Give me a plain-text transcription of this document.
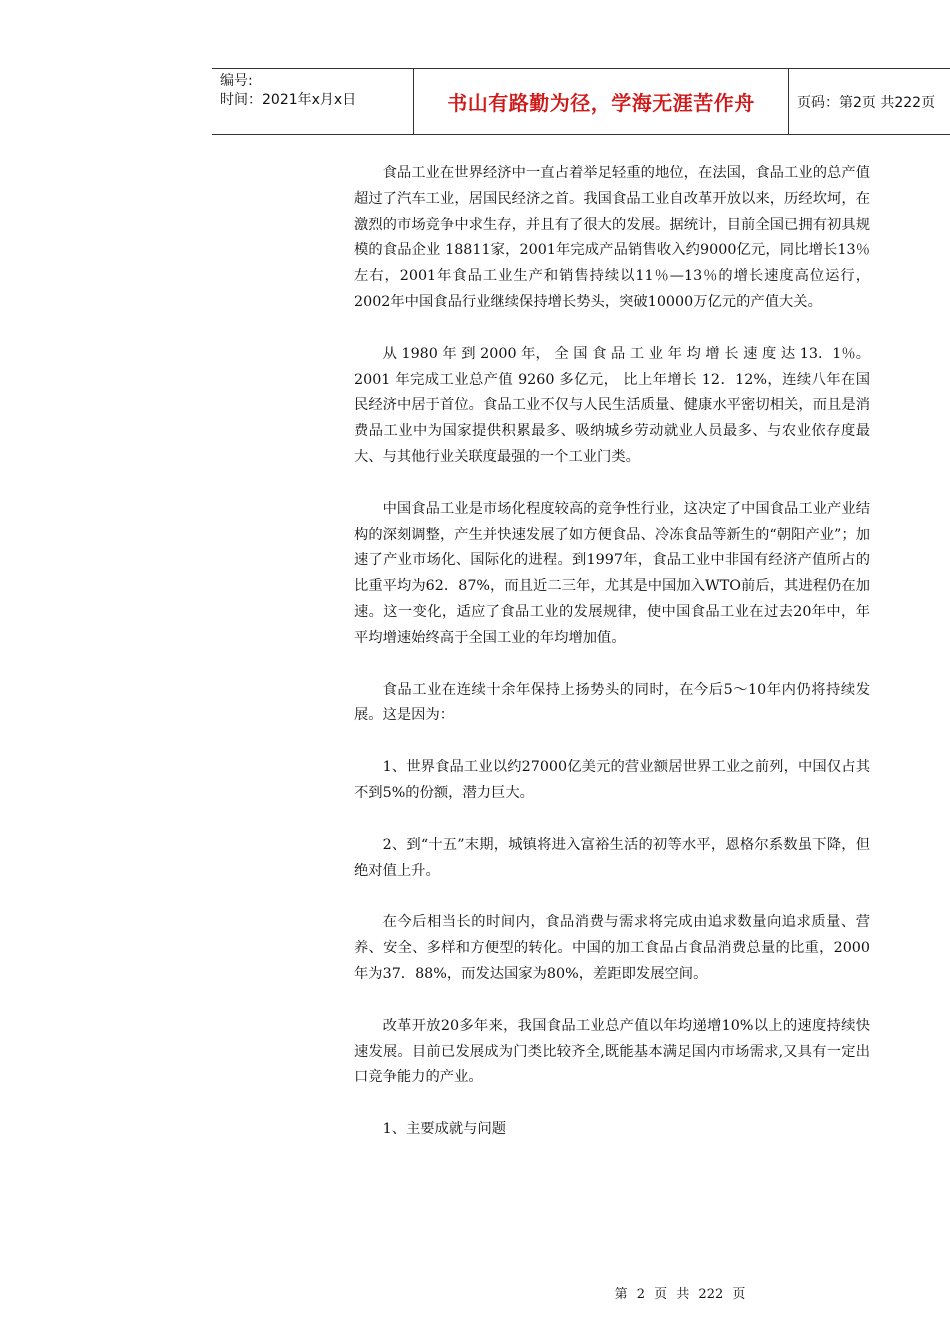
编号:
时间：2021年x月x日	书山有路勤为径，学海无涯苦作舟	页码：第2页 共222页

食品工业在世界经济中一直占着举足轻重的地位，在法国，食品工业的总产值超过了汽车工业，居国民经济之首。我国食品工业自改革开放以来，历经坎坷，在激烈的市场竞争中求生存，并且有了很大的发展。据统计，目前全国已拥有初具规模的食品企业 18811家，2001年完成产品销售收入约9000亿元，同比增长13％左右，2001年食品工业生产和销售持续以11％—13％的增长速度高位运行，2002年中国食品行业继续保持增长势头，突破10000万亿元的产值大关。

从 1980 年 到 2000 年， 全 国 食 品 工 业 年 均 增 长 速 度 达 13．1％。2001 年完成工业总产值 9260 多亿元， 比上年增长 12．12%，连续八年在国民经济中居于首位。食品工业不仅与人民生活质量、健康水平密切相关，而且是消费品工业中为国家提供积累最多、吸纳城乡劳动就业人员最多、与农业依存度最大、与其他行业关联度最强的一个工业门类。

中国食品工业是市场化程度较高的竞争性行业，这决定了中国食品工业产业结构的深刻调整，产生并快速发展了如方便食品、冷冻食品等新生的“朝阳产业”；加速了产业市场化、国际化的进程。到1997年，食品工业中非国有经济产值所占的比重平均为62．87%，而且近二三年，尤其是中国加入WTO前后，其进程仍在加速。这一变化，适应了食品工业的发展规律，使中国食品工业在过去20年中，年平均增速始终高于全国工业的年均增加值。

食品工业在连续十余年保持上扬势头的同时，在今后5～10年内仍将持续发展。这是因为：

1、世界食品工业以约27000亿美元的营业额居世界工业之前列，中国仅占其不到5%的份额，潜力巨大。

2、到“十五”末期，城镇将进入富裕生活的初等水平，恩格尔系数虽下降，但绝对值上升。

在今后相当长的时间内，食品消费与需求将完成由追求数量向追求质量、营养、安全、多样和方便型的转化。中国的加工食品占食品消费总量的比重，2000年为37．88%，而发达国家为80%，差距即发展空间。

改革开放20多年来，我国食品工业总产值以年均递增10%以上的速度持续快速发展。目前已发展成为门类比较齐全,既能基本满足国内市场需求,又具有一定出口竞争能力的产业。

1、主要成就与问题

第 2 页 共 222 页
